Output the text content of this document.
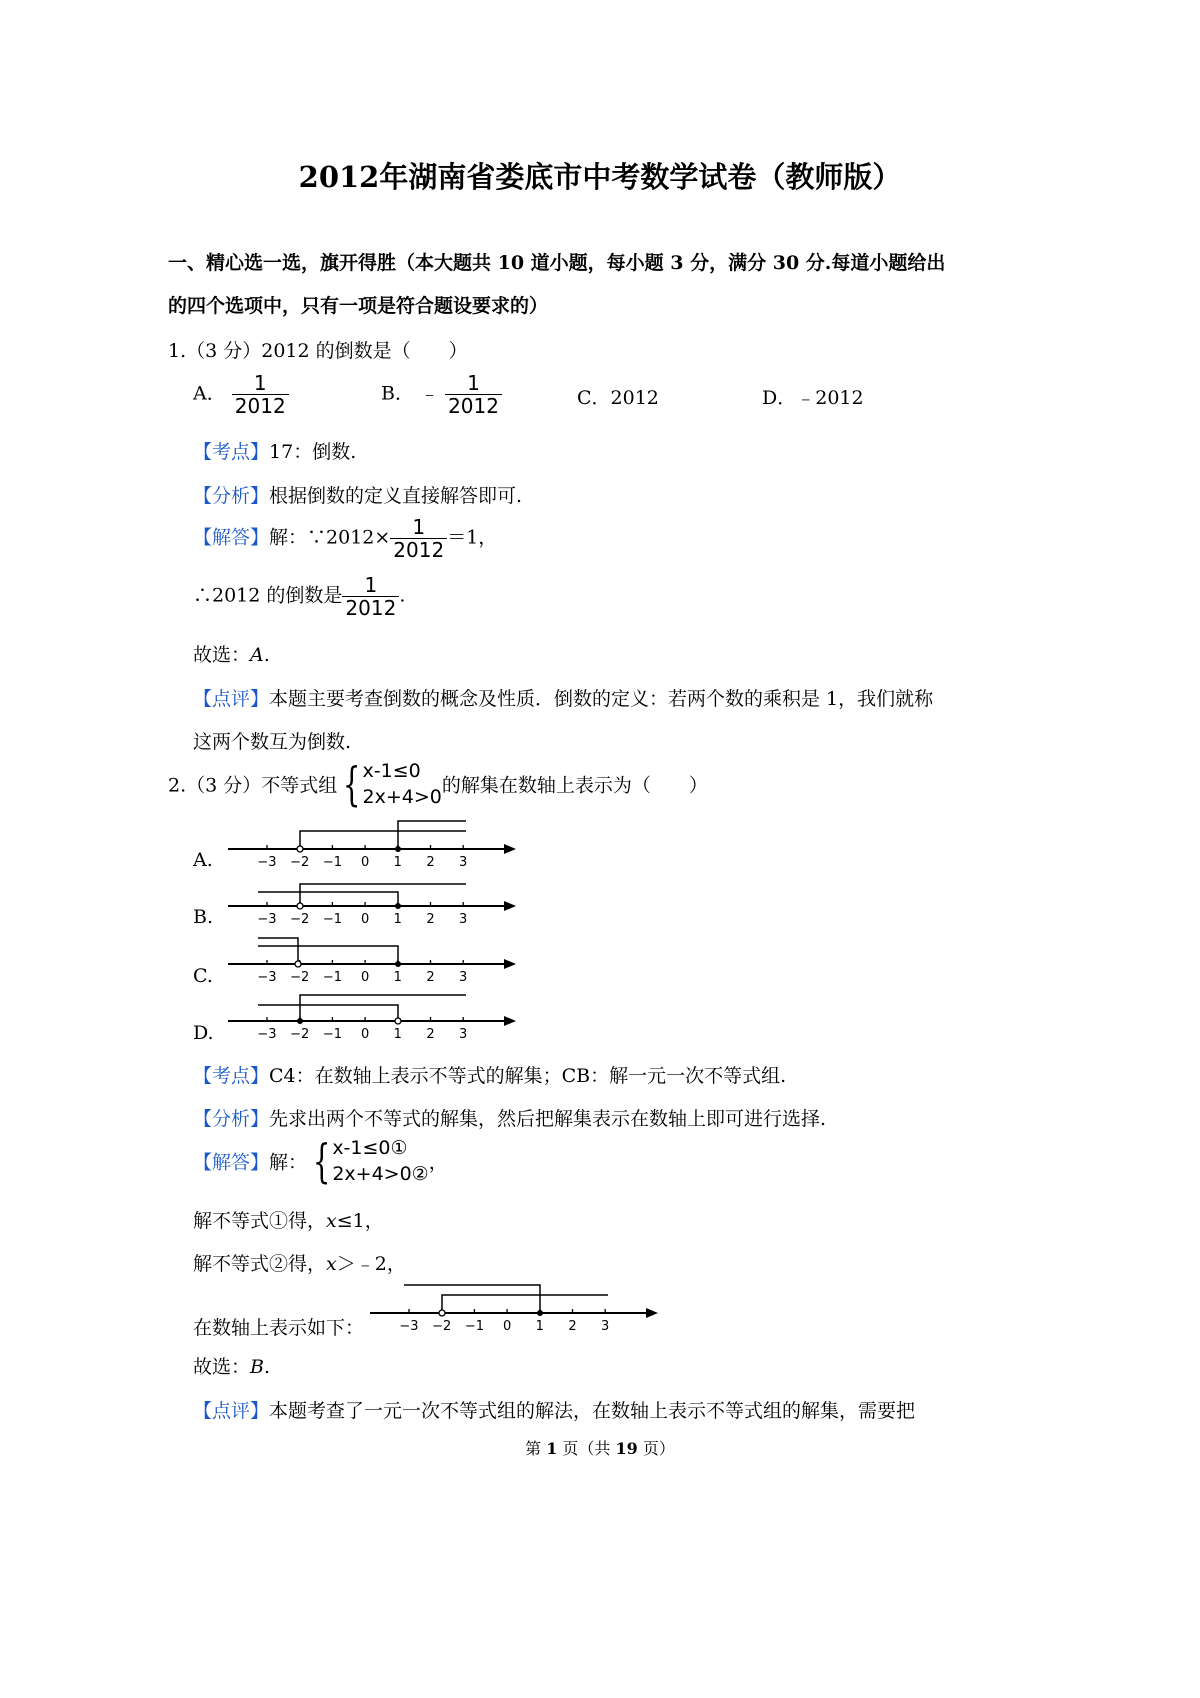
2012年湖南省娄底市中考数学试卷（教师版）
一、精心选一选，旗开得胜（本大题共 10 道小题，每小题 3 分，满分 30 分.每道小题给出
的四个选项中，只有一项是符合题设要求的）
1.（3 分）2012 的倒数是（　　）
A． $\frac{1}{2012}$	B． ﹣ $\frac{1}{2012}$	C．2012	D．﹣2012
【考点】17：倒数.
【分析】根据倒数的定义直接解答即可.
【解答】解：∵2012× $\frac{1}{2012} =1$，
∴2012 的倒数是 $\frac{1}{2012}$ .
故选：A.
【点评】本题主要考查倒数的概念及性质．倒数的定义：若两个数的乘积是 1，我们就称
这两个数互为倒数.
2.（3 分）不等式组 { x-1≤0
2x+4>0
的解集在数轴上表示为（　　）
A.
B.
C.
D.
−3 −2 −1 0 1 2 3
−3 −2 −1 0 1 2 3
−3 −2 −1 0 1 2 3
−3 −2 −1 0 1 2 3
【考点】C4：在数轴上表示不等式的解集；CB：解一元一次不等式组.
【分析】先求出两个不等式的解集，然后把解集表示在数轴上即可进行选择.
【解答】解： { x-1≤0①
2x+4>0②
，
解不等式①得，x≤1，
解不等式②得，x＞﹣2，
在数轴上表示如下：	−3 −2 −1 0 1 2 3
故选：B.
【点评】本题考查了一元一次不等式组的解法，在数轴上表示不等式组的解集，需要把
第 1 页（共 19 页）
